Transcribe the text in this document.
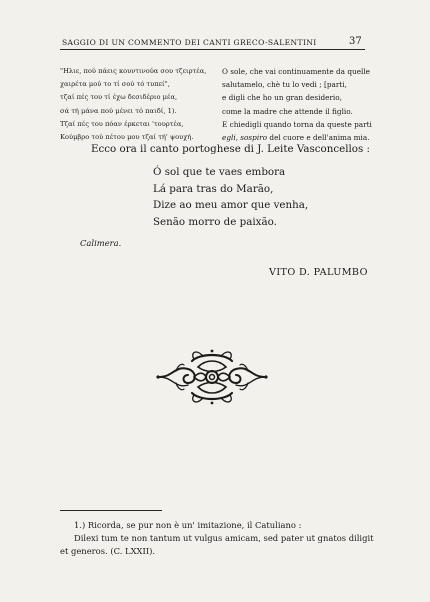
SAGGIO DI UN COMMENTO DEI CANTI GRECO-SALENTINI	37
"Ηλιε, πού πάεις κουντινούα σου τζειρτέα,
χαιρέτα μού το τί σού τό τυπεί",
τζαί πές του τί έχω δεσιδέριο μέα,
σά τή μάνα πού μένει τό παιδί, 1).
Τζαί πές του πόαν έρκεται 'τουρτέα,
Κούμβρο τού πέτου μου τζαί τή' ψουχή.
O sole, che vai continuamente da quelle
salutamelo, chè tu lo vedi ; [parti,
e digli che ho un gran desiderio,
come la madre che attende il figlio.
E chiedigli quando torna da queste parti
egli, sospiro del cuore e dell'anima mia.
Ecco ora il canto portoghese di J. Leite Vasconcellos :
Ó sol que te vaes embora
Lá para tras do Marão,
Dize ao meu amor que venha,
Senão morro de paixão.
Calimera.
VITO D. PALUMBO
1.) Ricorda, se pur non è un' imitazione, il Catuliano :
Dilexi tum te non tantum ut vulgus amicam, sed pater ut gnatos diligit
et generos. (C. LXXII).
